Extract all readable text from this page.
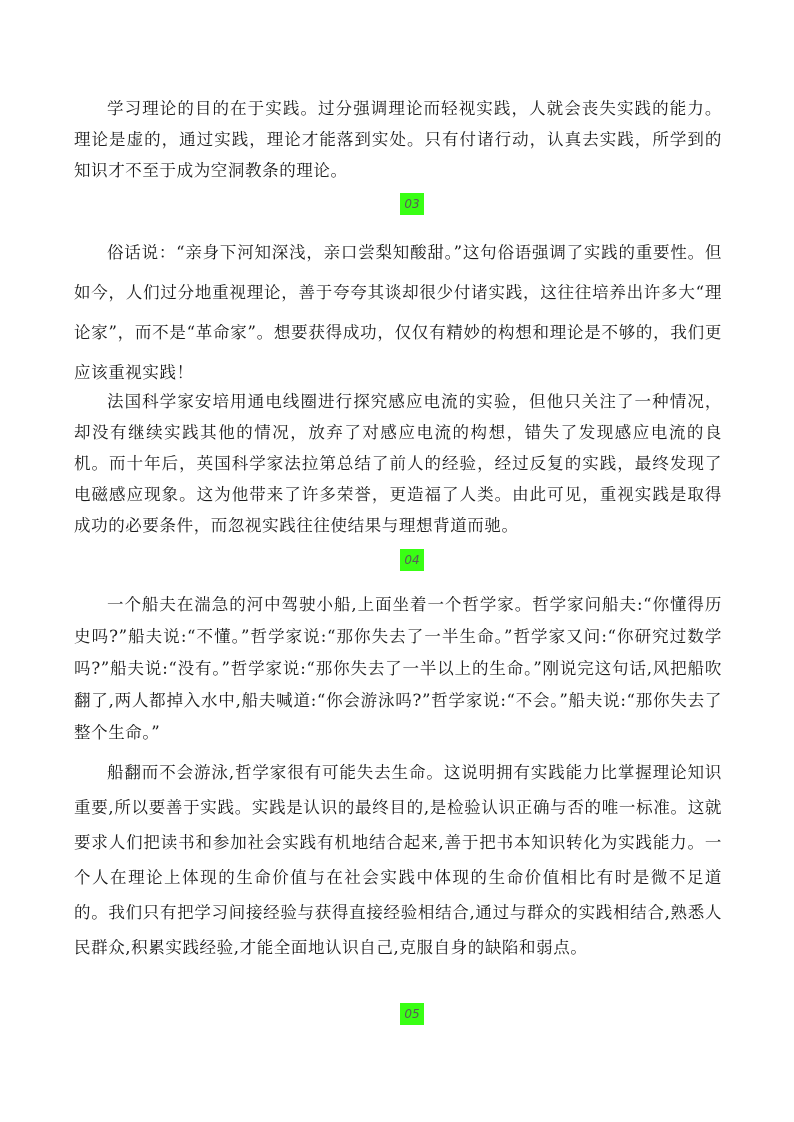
学习理论的目的在于实践。过分强调理论而轻视实践，人就会丧失实践的能力。理论是虚的，通过实践，理论才能落到实处。只有付诸行动，认真去实践，所学到的知识才不至于成为空洞教条的理论。

03

俗话说：“亲身下河知深浅，亲口尝梨知酸甜。”这句俗语强调了实践的重要性。但如今，人们过分地重视理论，善于夸夸其谈却很少付诸实践，这往往培养出许多大“理论家”，而不是“革命家”。想要获得成功，仅仅有精妙的构想和理论是不够的，我们更应该重视实践！

法国科学家安培用通电线圈进行探究感应电流的实验，但他只关注了一种情况，却没有继续实践其他的情况，放弃了对感应电流的构想，错失了发现感应电流的良机。而十年后，英国科学家法拉第总结了前人的经验，经过反复的实践，最终发现了电磁感应现象。这为他带来了许多荣誉，更造福了人类。由此可见，重视实践是取得成功的必要条件，而忽视实践往往使结果与理想背道而驰。

04

一个船夫在湍急的河中驾驶小船,上面坐着一个哲学家。哲学家问船夫:“你懂得历史吗?”船夫说:“不懂。”哲学家说:“那你失去了一半生命。”哲学家又问:“你研究过数学吗?”船夫说:“没有。”哲学家说:“那你失去了一半以上的生命。”刚说完这句话,风把船吹翻了,两人都掉入水中,船夫喊道:“你会游泳吗?”哲学家说:“不会。”船夫说:“那你失去了整个生命。”

船翻而不会游泳,哲学家很有可能失去生命。这说明拥有实践能力比掌握理论知识重要,所以要善于实践。实践是认识的最终目的,是检验认识正确与否的唯一标准。这就要求人们把读书和参加社会实践有机地结合起来,善于把书本知识转化为实践能力。一个人在理论上体现的生命价值与在社会实践中体现的生命价值相比有时是微不足道的。我们只有把学习间接经验与获得直接经验相结合,通过与群众的实践相结合,熟悉人民群众,积累实践经验,才能全面地认识自己,克服自身的缺陷和弱点。

05
